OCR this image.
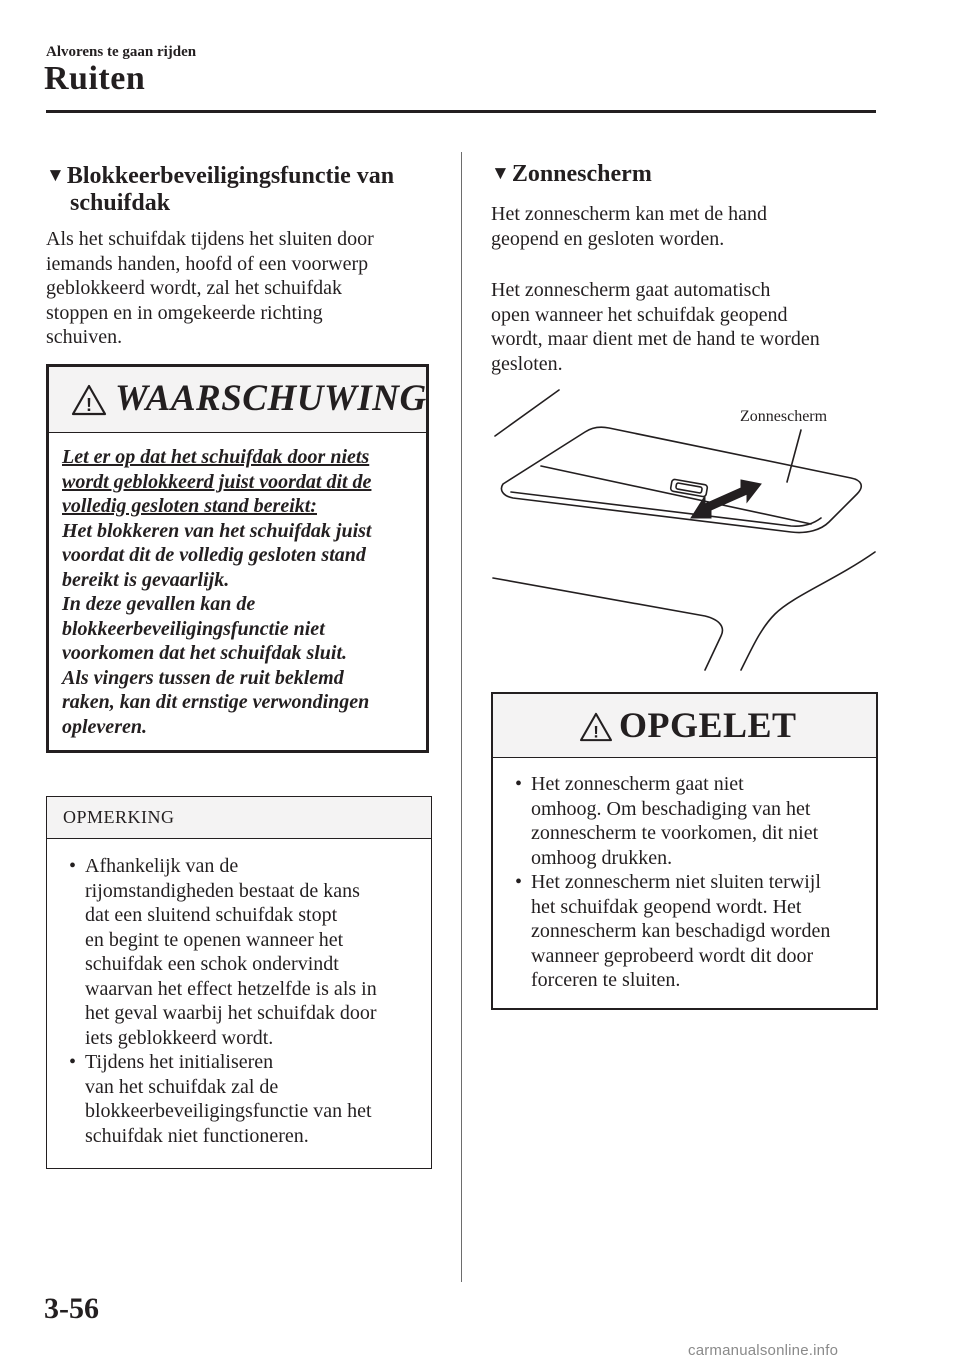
Alvorens te gaan rijden
Ruiten
▼Blokkeerbeveiligingsfunctie van
schuifdak
Als het schuifdak tijdens het sluiten door
iemands handen, hoofd of een voorwerp
geblokkeerd wordt, zal het schuifdak
stoppen en in omgekeerde richting
schuiven.
! WAARSCHUWING
Let er op dat het schuifdak door niets
wordt geblokkeerd juist voordat dit de
volledig gesloten stand bereikt:
Het blokkeren van het schuifdak juist
voordat dit de volledig gesloten stand
bereikt is gevaarlijk.
In deze gevallen kan de
blokkeerbeveiligingsfunctie niet
voorkomen dat het schuifdak sluit.
Als vingers tussen de ruit beklemd
raken, kan dit ernstige verwondingen
opleveren.
OPMERKING
• Afhankelijk van de
rijomstandigheden bestaat de kans
dat een sluitend schuifdak stopt
en begint te openen wanneer het
schuifdak een schok ondervindt
waarvan het effect hetzelfde is als in
het geval waarbij het schuifdak door
iets geblokkeerd wordt.
• Tijdens het initialiseren
van het schuifdak zal de
blokkeerbeveiligingsfunctie van het
schuifdak niet functioneren.
▼Zonnescherm
Het zonnescherm kan met de hand
geopend en gesloten worden.
Het zonnescherm gaat automatisch
open wanneer het schuifdak geopend
wordt, maar dient met de hand te worden
gesloten.
Zonnescherm
! OPGELET
• Het zonnescherm gaat niet
omhoog. Om beschadiging van het
zonnescherm te voorkomen, dit niet
omhoog drukken.
• Het zonnescherm niet sluiten terwijl
het schuifdak geopend wordt. Het
zonnescherm kan beschadigd worden
wanneer geprobeerd wordt dit door
forceren te sluiten.
3-56
carmanualsonline.info
